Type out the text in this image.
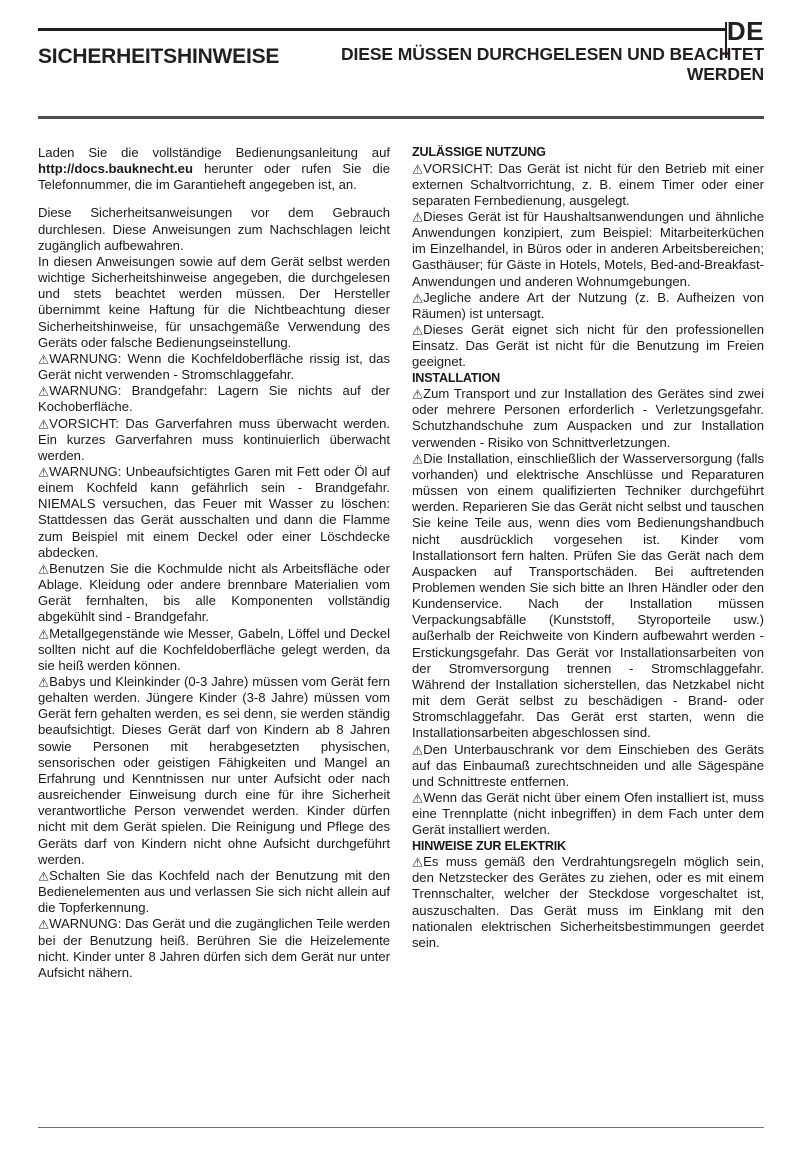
DE
SICHERHEITSHINWEISE	DIESE MÜSSEN DURCHGELESEN UND BEACHTET WERDEN

Laden Sie die vollständige Bedienungsanleitung auf http://docs.bauknecht.eu herunter oder rufen Sie die Telefonnummer, die im Garantieheft angegeben ist, an.

Diese Sicherheitsanweisungen vor dem Gebrauch durchlesen. Diese Anweisungen zum Nachschlagen leicht zugänglich aufbewahren.

In diesen Anweisungen sowie auf dem Gerät selbst werden wichtige Sicherheitshinweise angegeben, die durchgelesen und stets beachtet werden müssen. Der Hersteller übernimmt keine Haftung für die Nichtbeachtung dieser Sicherheitshinweise, für unsachgemäße Verwendung des Geräts oder falsche Bedienungseinstellung.

⚠WARNUNG: Wenn die Kochfeldoberfläche rissig ist, das Gerät nicht verwenden - Stromschlaggefahr.

⚠WARNUNG: Brandgefahr: Lagern Sie nichts auf der Kochoberfläche.

⚠VORSICHT: Das Garverfahren muss überwacht werden. Ein kurzes Garverfahren muss kontinuierlich überwacht werden.

⚠WARNUNG: Unbeaufsichtigtes Garen mit Fett oder Öl auf einem Kochfeld kann gefährlich sein - Brandgefahr. NIEMALS versuchen, das Feuer mit Wasser zu löschen: Stattdessen das Gerät ausschalten und dann die Flamme zum Beispiel mit einem Deckel oder einer Löschdecke abdecken.

⚠Benutzen Sie die Kochmulde nicht als Arbeitsfläche oder Ablage. Kleidung oder andere brennbare Materialien vom Gerät fernhalten, bis alle Komponenten vollständig abgekühlt sind - Brandgefahr.

⚠Metallgegenstände wie Messer, Gabeln, Löffel und Deckel sollten nicht auf die Kochfeldoberfläche gelegt werden, da sie heiß werden können.

⚠Babys und Kleinkinder (0-3 Jahre) müssen vom Gerät fern gehalten werden. Jüngere Kinder (3-8 Jahre) müssen vom Gerät fern gehalten werden, es sei denn, sie werden ständig beaufsichtigt. Dieses Gerät darf von Kindern ab 8 Jahren sowie Personen mit herabgesetzten physischen, sensorischen oder geistigen Fähigkeiten und Mangel an Erfahrung und Kenntnissen nur unter Aufsicht oder nach ausreichender Einweisung durch eine für ihre Sicherheit verantwortliche Person verwendet werden. Kinder dürfen nicht mit dem Gerät spielen. Die Reinigung und Pflege des Geräts darf von Kindern nicht ohne Aufsicht durchgeführt werden.

⚠Schalten Sie das Kochfeld nach der Benutzung mit den Bedienelementen aus und verlassen Sie sich nicht allein auf die Topferkennung.

⚠WARNUNG: Das Gerät und die zugänglichen Teile werden bei der Benutzung heiß. Berühren Sie die Heizelemente nicht. Kinder unter 8 Jahren dürfen sich dem Gerät nur unter Aufsicht nähern.

ZULÄSSIGE NUTZUNG

⚠VORSICHT: Das Gerät ist nicht für den Betrieb mit einer externen Schaltvorrichtung, z. B. einem Timer oder einer separaten Fernbedienung, ausgelegt.

⚠Dieses Gerät ist für Haushaltsanwendungen und ähnliche Anwendungen konzipiert, zum Beispiel: Mitarbeiterküchen im Einzelhandel, in Büros oder in anderen Arbeitsbereichen; Gasthäuser; für Gäste in Hotels, Motels, Bed-and-Breakfast-Anwendungen und anderen Wohnumgebungen.

⚠Jegliche andere Art der Nutzung (z. B. Aufheizen von Räumen) ist untersagt.

⚠Dieses Gerät eignet sich nicht für den professionellen Einsatz. Das Gerät ist nicht für die Benutzung im Freien geeignet.

INSTALLATION

⚠Zum Transport und zur Installation des Gerätes sind zwei oder mehrere Personen erforderlich - Verletzungsgefahr. Schutzhandschuhe zum Auspacken und zur Installation verwenden - Risiko von Schnittverletzungen.

⚠Die Installation, einschließlich der Wasserversorgung (falls vorhanden) und elektrische Anschlüsse und Reparaturen müssen von einem qualifizierten Techniker durchgeführt werden. Reparieren Sie das Gerät nicht selbst und tauschen Sie keine Teile aus, wenn dies vom Bedienungshandbuch nicht ausdrücklich vorgesehen ist. Kinder vom Installationsort fern halten. Prüfen Sie das Gerät nach dem Auspacken auf Transportschäden. Bei auftretenden Problemen wenden Sie sich bitte an Ihren Händler oder den Kundenservice. Nach der Installation müssen Verpackungsabfälle (Kunststoff, Styroporteile usw.) außerhalb der Reichweite von Kindern aufbewahrt werden - Erstickungsgefahr. Das Gerät vor Installationsarbeiten von der Stromversorgung trennen - Stromschlaggefahr. Während der Installation sicherstellen, das Netzkabel nicht mit dem Gerät selbst zu beschädigen - Brand- oder Stromschlaggefahr. Das Gerät erst starten, wenn die Installationsarbeiten abgeschlossen sind.

⚠Den Unterbauschrank vor dem Einschieben des Geräts auf das Einbaumaß zurechtschneiden und alle Sägespäne und Schnittreste entfernen.

⚠Wenn das Gerät nicht über einem Ofen installiert ist, muss eine Trennplatte (nicht inbegriffen) in dem Fach unter dem Gerät installiert werden.

HINWEISE ZUR ELEKTRIK

⚠Es muss gemäß den Verdrahtungsregeln möglich sein, den Netzstecker des Gerätes zu ziehen, oder es mit einem Trennschalter, welcher der Steckdose vorgeschaltet ist, auszuschalten. Das Gerät muss im Einklang mit den nationalen elektrischen Sicherheitsbestimmungen geerdet sein.
